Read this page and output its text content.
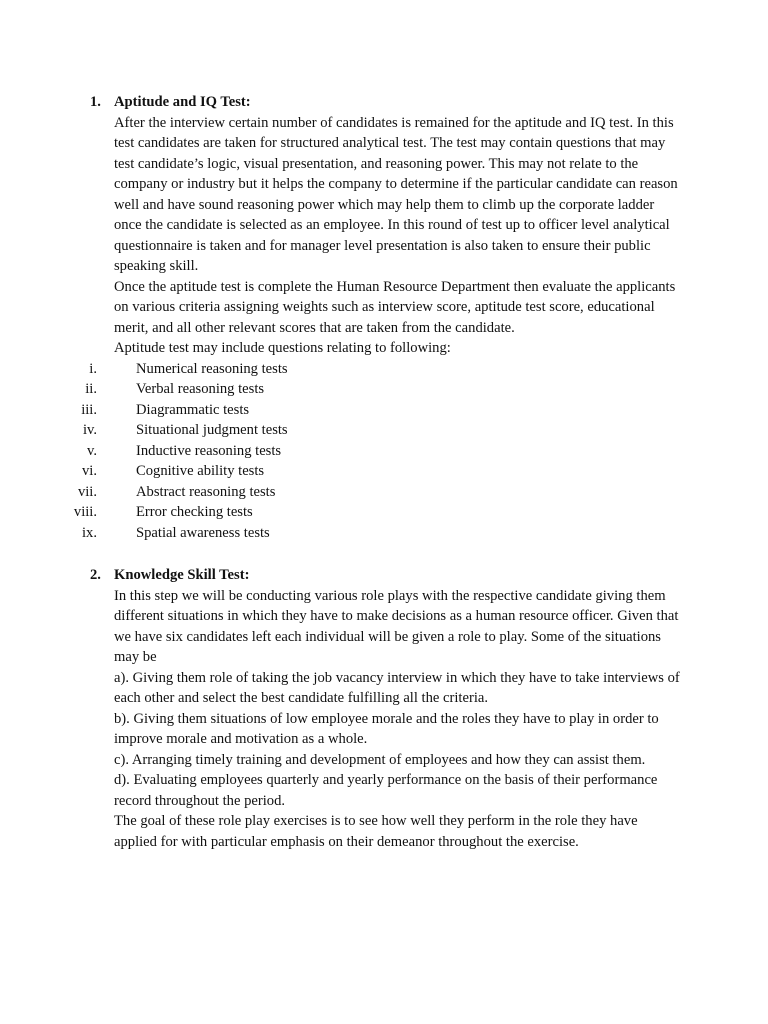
1. Aptitude and IQ Test:

After the interview certain number of candidates is remained for the aptitude and IQ test. In this test candidates are taken for structured analytical test. The test may contain questions that may test candidate’s logic, visual presentation, and reasoning power. This may not relate to the company or industry but it helps the company to determine if the particular candidate can reason well and have sound reasoning power which may help them to climb up the corporate ladder once the candidate is selected as an employee. In this round of test up to officer level analytical questionnaire is taken and for manager level presentation is also taken to ensure their public speaking skill.

Once the aptitude test is complete the Human Resource Department then evaluate the applicants on various criteria assigning weights such as interview score, aptitude test score, educational merit, and all other relevant scores that are taken from the candidate.

Aptitude test may include questions relating to following:

i.	Numerical reasoning tests
ii.	Verbal reasoning tests
iii.	Diagrammatic tests
iv.	Situational judgment tests
v.	Inductive reasoning tests
vi.	Cognitive ability tests
vii.	Abstract reasoning tests
viii.	Error checking tests
ix.	Spatial awareness tests
2. Knowledge Skill Test:

In this step we will be conducting various role plays with the respective candidate giving them different situations in which they have to make decisions as a human resource officer. Given that we have six candidates left each individual will be given a role to play. Some of the situations may be

a). Giving them role of taking the job vacancy interview in which they have to take interviews of each other and select the best candidate fulfilling all the criteria.

b). Giving them situations of low employee morale and the roles they have to play in order to improve morale and motivation as a whole.

c). Arranging timely training and development of employees and how they can assist them.

d). Evaluating employees quarterly and yearly performance on the basis of their performance record throughout the period.

The goal of these role play exercises is to see how well they perform in the role they have applied for with particular emphasis on their demeanor throughout the exercise.
